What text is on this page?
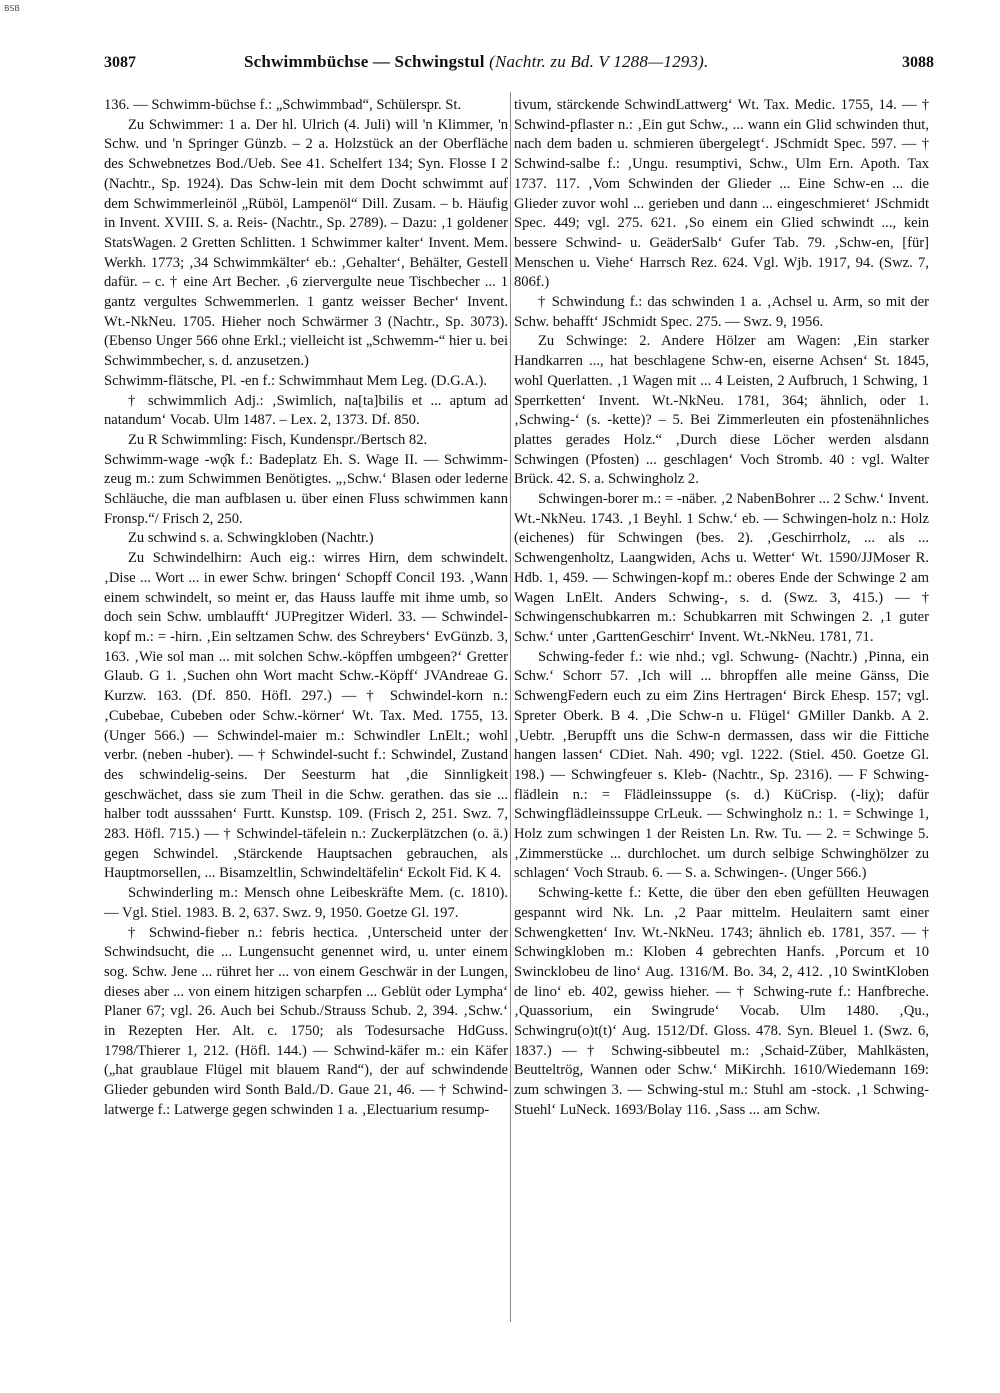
BSB
3087	Schwimmbüchse — Schwingstul (Nachtr. zu Bd. V 1288—1293).	3088

136. — Schwimm-büchse f.: „Schwimmbad“, Schülerspr. St.

Zu Schwimmer: 1 a. Der hl. Ulrich (4. Juli) will 'n Klimmer, 'n Schw. und 'n Springer Günzb. – 2 a. Holzstück an der Oberfläche des Schwebnetzes Bod./Ueb. See 41. Schelfert 134; Syn. Flosse I 2 (Nachtr., Sp. 1924). Das Schw-lein mit dem Docht schwimmt auf dem Schwimmerleinöl „Rüböl, Lampenöl“ Dill. Zusam. – b. Häufig in Invent. XVIII. S. a. Reis- (Nachtr., Sp. 2789). – Dazu: ‚1 goldener StatsWagen. 2 Gretten Schlitten. 1 Schwimmer kalter‘ Invent. Mem. Werkh. 1773; ‚34 Schwimmkälter‘ eb.: ‚Gehalter‘, Behälter, Gestell dafür. – c. † eine Art Becher. ‚6 ziervergulte neue Tischbecher ... 1 gantz vergultes Schwemmerlen. 1 gantz weisser Becher‘ Invent. Wt.-NkNeu. 1705. Hieher noch Schwärmer 3 (Nachtr., Sp. 3073). (Ebenso Unger 566 ohne Erkl.; vielleicht ist „Schwemm-“ hier u. bei Schwimmbecher, s. d. anzusetzen.)

Schwimm-flätsche, Pl. -en f.: Schwimmhaut Mem Leg. (D.G.A.).

† schwimmlich Adj.: ‚Swimlich, na[ta]bilis et ... aptum ad natandum‘ Vocab. Ulm 1487. – Lex. 2, 1373. Df. 850.

Zu R Schwimmling: Fisch, Kundenspr./Bertsch 82.

Schwimm-wage -wǫ̂k f.: Badeplatz Eh. S. Wage II. — Schwimm-zeug m.: zum Schwimmen Benötigtes. „‚Schw.‘ Blasen oder lederne Schläuche, die man aufblasen u. über einen Fluss schwimmen kann Fronsp.“/ Frisch 2, 250.

Zu schwind s. a. Schwingkloben (Nachtr.)

Zu Schwindelhirn: Auch eig.: wirres Hirn, dem schwindelt. ‚Dise ... Wort ... in ewer Schw. bringen‘ Schopff Concil 193. ‚Wann einem schwindelt, so meint er, das Hauss lauffe mit ihme umb, so doch sein Schw. umblaufft‘ JUPregitzer Widerl. 33. — Schwindel-kopf m.: = -hirn. ‚Ein seltzamen Schw. des Schreybers‘ EvGünzb. 3, 163. ‚Wie sol man ... mit solchen Schw.-köpffen umbgeen?‘ Gretter Glaub. G 1. ‚Suchen ohn Wort macht Schw.-Köpff‘ JVAndreae G. Kurzw. 163. (Df. 850. Höfl. 297.) — † Schwindel-korn n.: ‚Cubebae, Cubeben oder Schw.-körner‘ Wt. Tax. Med. 1755, 13. (Unger 566.) — Schwindel-maier m.: Schwindler LnElt.; wohl verbr. (neben -huber). — † Schwindel-sucht f.: Schwindel, Zustand des schwindelig-seins. Der Seesturm hat ‚die Sinnligkeit geschwächet, dass sie zum Theil in die Schw. gerathen. das sie ... halber todt ausssahen‘ Furtt. Kunstsp. 109. (Frisch 2, 251. Swz. 7, 283. Höfl. 715.) — † Schwindel-täfelein n.: Zuckerplätzchen (o. ä.) gegen Schwindel. ‚Stärckende Hauptsachen gebrauchen, als Hauptmorsellen, ... Bisamzeltlin, Schwindeltäfelin‘ Eckolt Fid. K 4.

Schwinderling m.: Mensch ohne Leibeskräfte Mem. (c. 1810). — Vgl. Stiel. 1983. B. 2, 637. Swz. 9, 1950. Goetze Gl. 197.

† Schwind-fieber n.: febris hectica. ‚Unterscheid unter der Schwindsucht, die ... Lungensucht genennet wird, u. unter einem sog. Schw. Jene ... rühret her ... von einem Geschwär in der Lungen, dieses aber ... von einem hitzigen scharpfen ... Geblüt oder Lympha‘ Planer 67; vgl. 26. Auch bei Schub./Strauss Schub. 2, 394. ‚Schw.‘ in Rezepten Her. Alt. c. 1750; als Todesursache HdGuss. 1798/Thierer 1, 212. (Höfl. 144.) — Schwind-käfer m.: ein Käfer („hat graublaue Flügel mit blauem Rand“), der auf schwindende Glieder gebunden wird Sonth Bald./D. Gaue 21, 46. — † Schwind-latwerge f.: Latwerge gegen schwinden 1 a. ‚Electuarium resump-

tivum, stärckende SchwindLattwerg‘ Wt. Tax. Medic. 1755, 14. — † Schwind-pflaster n.: ‚Ein gut Schw., ... wann ein Glid schwinden thut, nach dem baden u. schmieren übergelegt‘. JSchmidt Spec. 597. — † Schwind-salbe f.: ‚Ungu. resumptivi, Schw., Ulm Ern. Apoth. Tax 1737. 117. ‚Vom Schwinden der Glieder ... Eine Schw-en ... die Glieder zuvor wohl ... gerieben und dann ... eingeschmieret‘ JSchmidt Spec. 449; vgl. 275. 621. ‚So einem ein Glied schwindt ..., kein bessere Schwind- u. GeäderSalb‘ Gufer Tab. 79. ‚Schw-en, [für] Menschen u. Viehe‘ Harrsch Rez. 624. Vgl. Wjb. 1917, 94. (Swz. 7, 806f.)

† Schwindung f.: das schwinden 1 a. ‚Achsel u. Arm, so mit der Schw. behafft‘ JSchmidt Spec. 275. — Swz. 9, 1956.

Zu Schwinge: 2. Andere Hölzer am Wagen: ‚Ein starker Handkarren ..., hat beschlagene Schw-en, eiserne Achsen‘ St. 1845, wohl Querlatten. ‚1 Wagen mit ... 4 Leisten, 2 Aufbruch, 1 Schwing, 1 Sperrketten‘ Invent. Wt.-NkNeu. 1781, 364; ähnlich, oder 1. ‚Schwing-‘ (s. -kette)? – 5. Bei Zimmerleuten ein pfostenähnliches plattes gerades Holz.“ ‚Durch diese Löcher werden alsdann Schwingen (Pfosten) ... geschlagen‘ Voch Stromb. 40 : vgl. Walter Brück. 42. S. a. Schwingholz 2.

Schwingen-borer m.: = -näber. ‚2 NabenBohrer ... 2 Schw.‘ Invent. Wt.-NkNeu. 1743. ‚1 Beyhl. 1 Schw.‘ eb. — Schwingen-holz n.: Holz (eichenes) für Schwingen (bes. 2). ‚Geschirrholz, ... als ... Schwengenholtz, Laangwiden, Achs u. Wetter‘ Wt. 1590/JJMoser R. Hdb. 1, 459. — Schwingen-kopf m.: oberes Ende der Schwinge 2 am Wagen LnElt. Anders Schwing-, s. d. (Swz. 3, 415.) — † Schwingenschubkarren m.: Schubkarren mit Schwingen 2. ‚1 guter Schw.‘ unter ‚GarttenGeschirr‘ Invent. Wt.-NkNeu. 1781, 71.

Schwing-feder f.: wie nhd.; vgl. Schwung- (Nachtr.) ‚Pinna, ein Schw.‘ Schorr 57. ‚Ich will ... bhropffen alle meine Gänss, Die SchwengFedern euch zu eim Zins Hertragen‘ Birck Ehesp. 157; vgl. Spreter Oberk. B 4. ‚Die Schw-n u. Flügel‘ GMiller Dankb. A 2. ‚Uebtr. ‚Berupfft uns die Schw-n dermassen, dass wir die Fittiche hangen lassen‘ CDiet. Nah. 490; vgl. 1222. (Stiel. 450. Goetze Gl. 198.) — Schwingfeuer s. Kleb- (Nachtr., Sp. 2316). — F Schwing-flädlein n.: = Flädleinssuppe (s. d.) KüCrisp. (-liχ); dafür Schwingflädleinssuppe CrLeuk. — Schwingholz n.: 1. = Schwinge 1, Holz zum schwingen 1 der Reisten Ln. Rw. Tu. — 2. = Schwinge 5. ‚Zimmerstücke ... durchlochet. um durch selbige Schwinghölzer zu schlagen‘ Voch Straub. 6. — S. a. Schwingen-. (Unger 566.)

Schwing-kette f.: Kette, die über den eben gefüllten Heuwagen gespannt wird Nk. Ln. ‚2 Paar mittelm. Heulaitern samt einer Schwengketten‘ Inv. Wt.-NkNeu. 1743; ähnlich eb. 1781, 357. — † Schwingkloben m.: Kloben 4 gebrechten Hanfs. ‚Porcum et 10 Swincklobeu de lino‘ Aug. 1316/M. Bo. 34, 2, 412. ‚10 SwintKloben de lino‘ eb. 402, gewiss hieher. — † Schwing-rute f.: Hanfbreche. ‚Quassorium, ein Swingrude‘ Vocab. Ulm 1480. ‚Qu., Schwingru(o)t(t)‘ Aug. 1512/Df. Gloss. 478. Syn. Bleuel 1. (Swz. 6, 1837.) — † Schwing-sibbeutel m.: ‚Schaid-Züber, Mahlkästen, Beutteltrög, Wannen oder Schw.‘ MiKirchh. 1610/Wiedemann 169: zum schwingen 3. — Schwing-stul m.: Stuhl am -stock. ‚1 Schwing-Stuehl‘ LuNeck. 1693/Bolay 116. ‚Sass ... am Schw.
